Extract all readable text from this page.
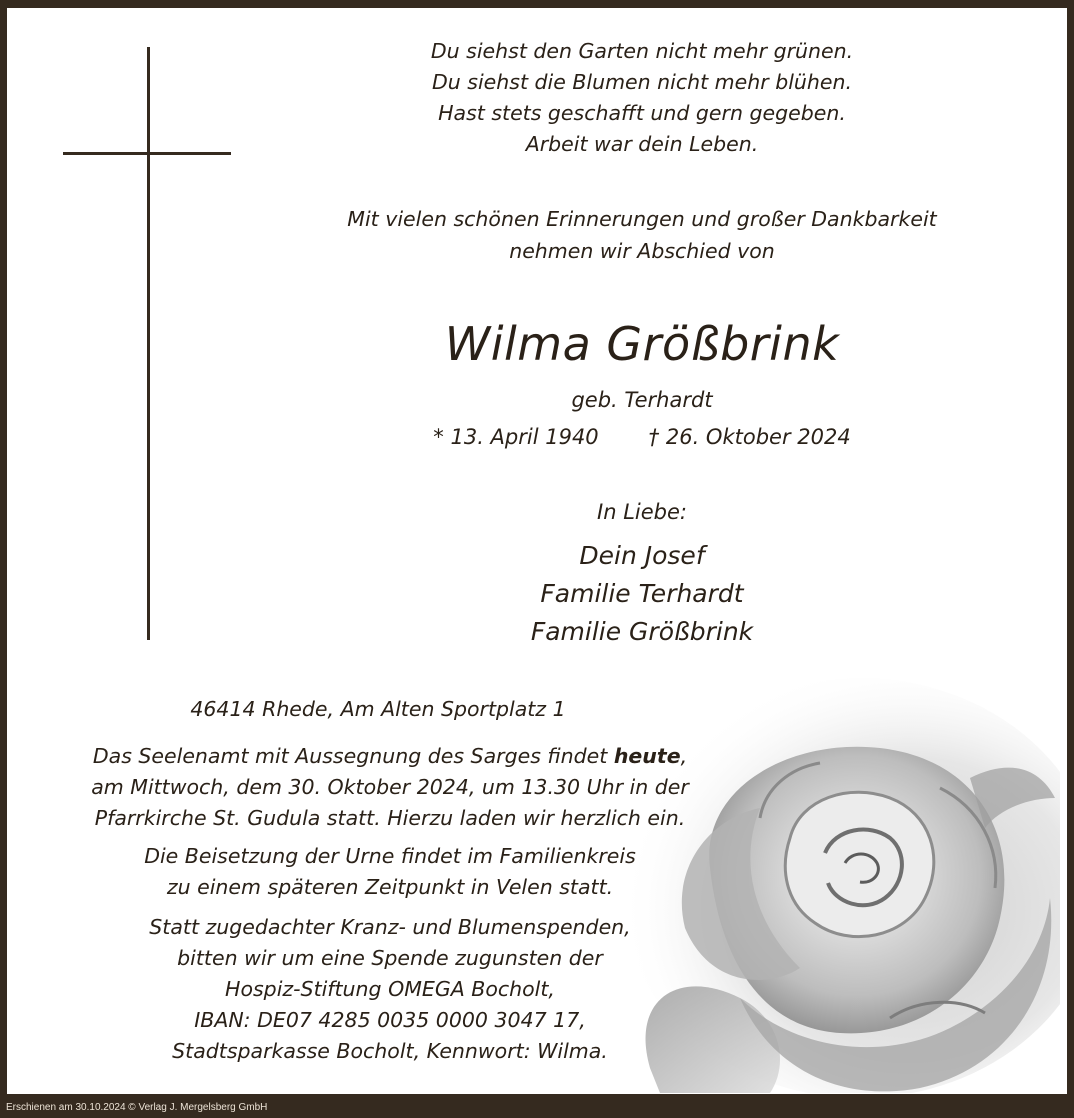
Du siehst den Garten nicht mehr grünen.
Du siehst die Blumen nicht mehr blühen.
Hast stets geschafft und gern gegeben.
Arbeit war dein Leben.
Mit vielen schönen Erinnerungen und großer Dankbarkeit
nehmen wir Abschied von
Wilma Größbrink
geb. Terhardt
* 13. April 1940 † 26. Oktober 2024
In Liebe:
Dein Josef
Familie Terhardt
Familie Größbrink
46414 Rhede, Am Alten Sportplatz 1
Das Seelenamt mit Aussegnung des Sarges findet heute,
am Mittwoch, dem 30. Oktober 2024, um 13.30 Uhr in der
Pfarrkirche St. Gudula statt. Hierzu laden wir herzlich ein.
Die Beisetzung der Urne findet im Familienkreis
zu einem späteren Zeitpunkt in Velen statt.
Statt zugedachter Kranz- und Blumenspenden,
bitten wir um eine Spende zugunsten der
Hospiz-Stiftung OMEGA Bocholt,
IBAN: DE07 4285 0035 0000 3047 17,
Stadtsparkasse Bocholt, Kennwort: Wilma.
Erschienen am 30.10.2024 © Verlag J. Mergelsberg GmbH
